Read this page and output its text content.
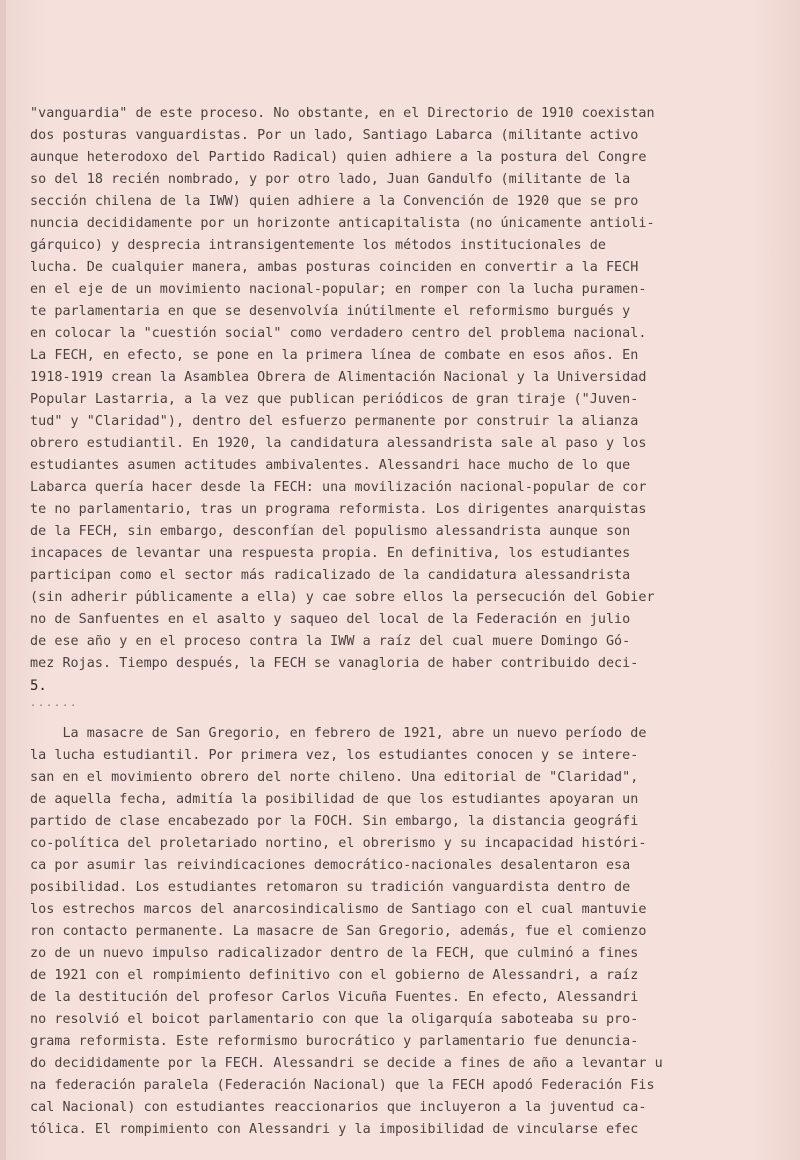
"vanguardia" de este proceso. No obstante, en el Directorio de 1910 coexistan
dos posturas vanguardistas. Por un lado, Santiago Labarca (militante activo
aunque heterodoxo del Partido Radical) quien adhiere a la postura del Congre
so del 18 recién nombrado, y por otro lado, Juan Gandulfo (militante de la
sección chilena de la IWW) quien adhiere a la Convención de 1920 que se pro
nuncia decididamente por un horizonte anticapitalista (no únicamente antioli-
gárquico) y desprecia intransigentemente los métodos institucionales de
lucha. De cualquier manera, ambas posturas coinciden en convertir a la FECH
en el eje de un movimiento nacional-popular; en romper con la lucha puramen-
te parlamentaria en que se desenvolvía inútilmente el reformismo burgués y
en colocar la "cuestión social" como verdadero centro del problema nacional.
La FECH, en efecto, se pone en la primera línea de combate en esos años. En
1918-1919 crean la Asamblea Obrera de Alimentación Nacional y la Universidad
Popular Lastarria, a la vez que publican periódicos de gran tiraje ("Juven-
tud" y "Claridad"), dentro del esfuerzo permanente por construir la alianza
obrero estudiantil. En 1920, la candidatura alessandrista sale al paso y los
estudiantes asumen actitudes ambivalentes. Alessandri hace mucho de lo que
Labarca quería hacer desde la FECH: una movilización nacional-popular de cor
te no parlamentario, tras un programa reformista. Los dirigentes anarquistas
de la FECH, sin embargo, desconfían del populismo alessandrista aunque son
incapaces de levantar una respuesta propia. En definitiva, los estudiantes
participan como el sector más radicalizado de la candidatura alessandrista
(sin adherir públicamente a ella) y cae sobre ellos la persecución del Gobier
no de Sanfuentes en el asalto y saqueo del local de la Federación en julio
de ese año y en el proceso contra la IWW a raíz del cual muere Domingo Gó-
mez Rojas. Tiempo después, la FECH se vanagloria de haber contribuido deci-
5.
......
La masacre de San Gregorio, en febrero de 1921, abre un nuevo período de
la lucha estudiantil. Por primera vez, los estudiantes conocen y se intere-
san en el movimiento obrero del norte chileno. Una editorial de "Claridad",
de aquella fecha, admitía la posibilidad de que los estudiantes apoyaran un
partido de clase encabezado por la FOCH. Sin embargo, la distancia geográfi
co-política del proletariado nortino, el obrerismo y su incapacidad históri-
ca por asumir las reivindicaciones democrático-nacionales desalentaron esa
posibilidad. Los estudiantes retomaron su tradición vanguardista dentro de
los estrechos marcos del anarcosindicalismo de Santiago con el cual mantuvie
ron contacto permanente. La masacre de San Gregorio, además, fue el comienzo
zo de un nuevo impulso radicalizador dentro de la FECH, que culminó a fines
de 1921 con el rompimiento definitivo con el gobierno de Alessandri, a raíz
de la destitución del profesor Carlos Vicuña Fuentes. En efecto, Alessandri
no resolvió el boicot parlamentario con que la oligarquía saboteaba su pro-
grama reformista. Este reformismo burocrático y parlamentario fue denuncia-
do decididamente por la FECH. Alessandri se decide a fines de año a levantar u
na federación paralela (Federación Nacional) que la FECH apodó Federación Fis
cal Nacional) con estudiantes reaccionarios que incluyeron a la juventud ca-
tólica. El rompimiento con Alessandri y la imposibilidad de vincularse efec
